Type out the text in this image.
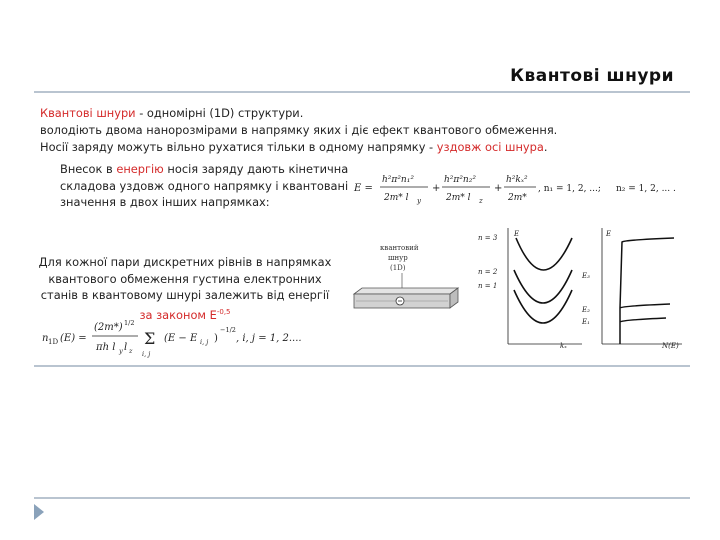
Квантові шнури
Квантові шнури - одномірні (1D) структури.
володіють двома нанорозмірами в напрямку яких і діє ефект квантового обмеження.
Носії заряду можуть вільно рухатися тільки в одному напрямку - уздовж осі шнура.
Внесок в енергію носія заряду дають кінетична складова уздовж одного напрямку і квантовані значення в двох інших напрямках:
E =
h²π²n₁²
2m* l y
+
h²π²n₂²
2m* l z
+
h²kₓ²
2m*
, n₁ = 1, 2, ...; n₂ = 1, 2, ... .
Для кожної пари дискретних рівнів в напрямках квантового обмеження густина електронних станів в квантовому шнурі залежить від енергії за законом $E^{-0,5}$
n 1D (E) =
(2m*) 1/2
πh l y l z
Σ
i, j
(E − E i, j )
−1/2
, i, j = 1, 2....
квантовий
шнур
(1D)
E
n = 3
n = 2
n = 1
kₓ
E
E₃
E₂
E₁
N(E)
